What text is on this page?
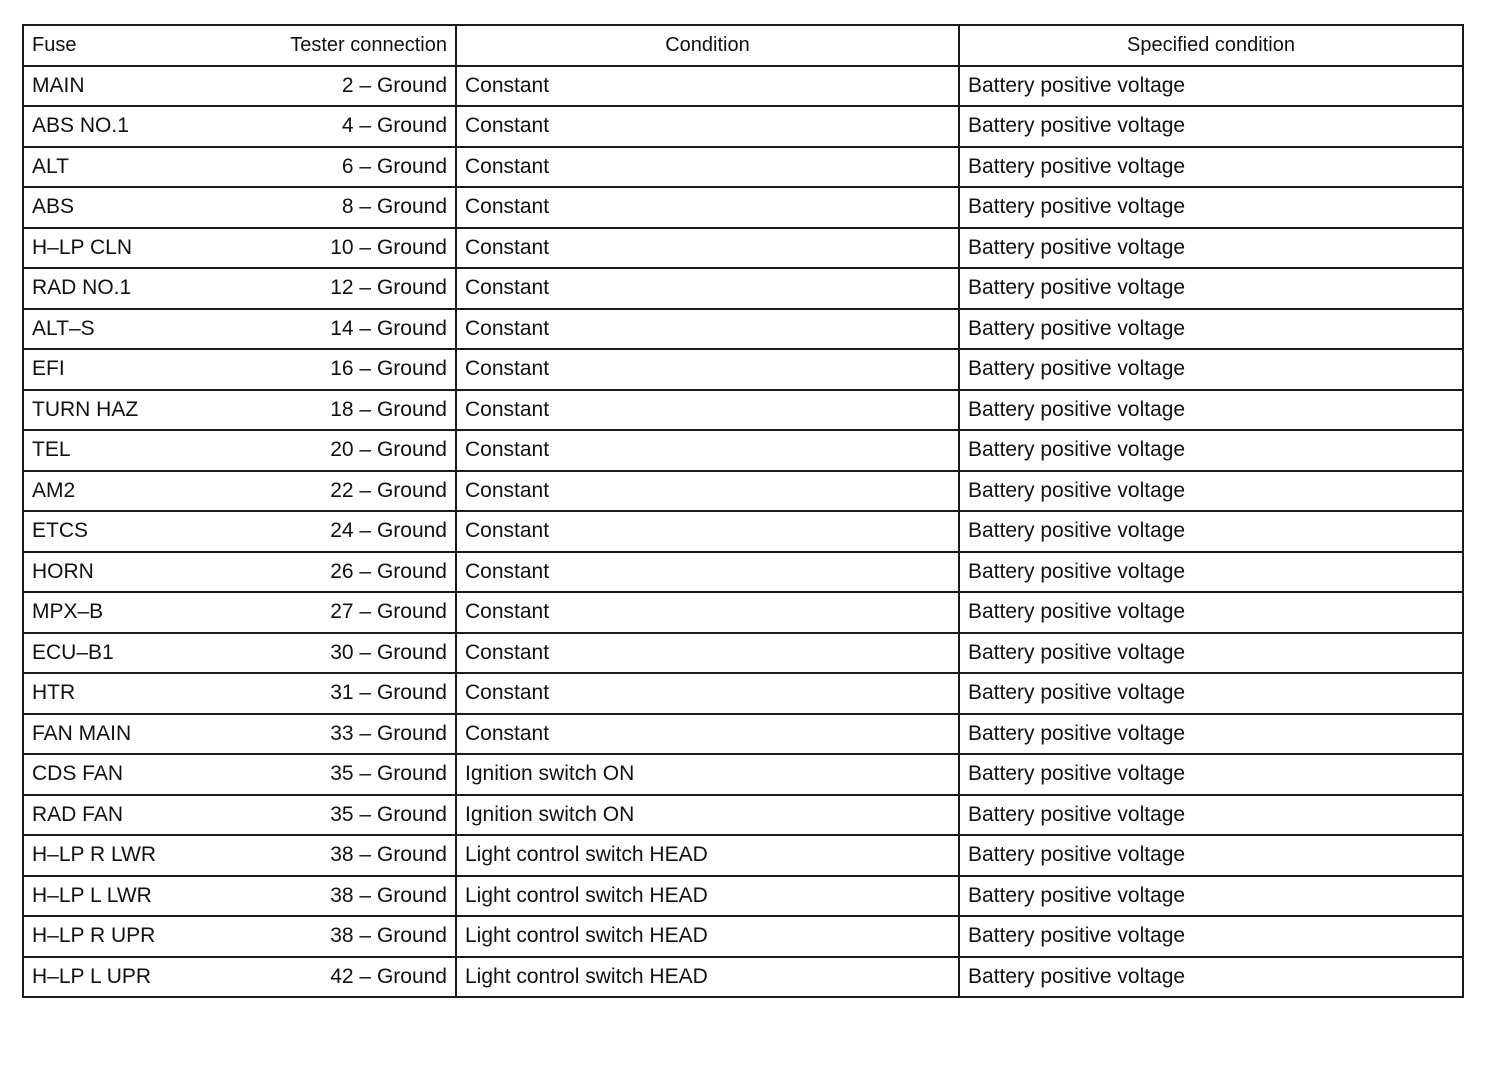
Fuse Tester connection	Condition	Specified condition

MAIN 2 – Ground	Constant	Battery positive voltage

ABS NO.1 4 – Ground	Constant	Battery positive voltage

ALT 6 – Ground	Constant	Battery positive voltage

ABS 8 – Ground	Constant	Battery positive voltage

H–LP CLN 10 – Ground	Constant	Battery positive voltage

RAD NO.1 12 – Ground	Constant	Battery positive voltage

ALT–S 14 – Ground	Constant	Battery positive voltage

EFI 16 – Ground	Constant	Battery positive voltage

TURN HAZ 18 – Ground	Constant	Battery positive voltage

TEL 20 – Ground	Constant	Battery positive voltage

AM2 22 – Ground	Constant	Battery positive voltage

ETCS 24 – Ground	Constant	Battery positive voltage

HORN 26 – Ground	Constant	Battery positive voltage

MPX–B 27 – Ground	Constant	Battery positive voltage

ECU–B1 30 – Ground	Constant	Battery positive voltage

HTR 31 – Ground	Constant	Battery positive voltage

FAN MAIN 33 – Ground	Constant	Battery positive voltage

CDS FAN 35 – Ground	Ignition switch ON	Battery positive voltage

RAD FAN 35 – Ground	Ignition switch ON	Battery positive voltage

H–LP R LWR 38 – Ground	Light control switch HEAD	Battery positive voltage

H–LP L LWR 38 – Ground	Light control switch HEAD	Battery positive voltage

H–LP R UPR 38 – Ground	Light control switch HEAD	Battery positive voltage

H–LP L UPR 42 – Ground	Light control switch HEAD	Battery positive voltage
